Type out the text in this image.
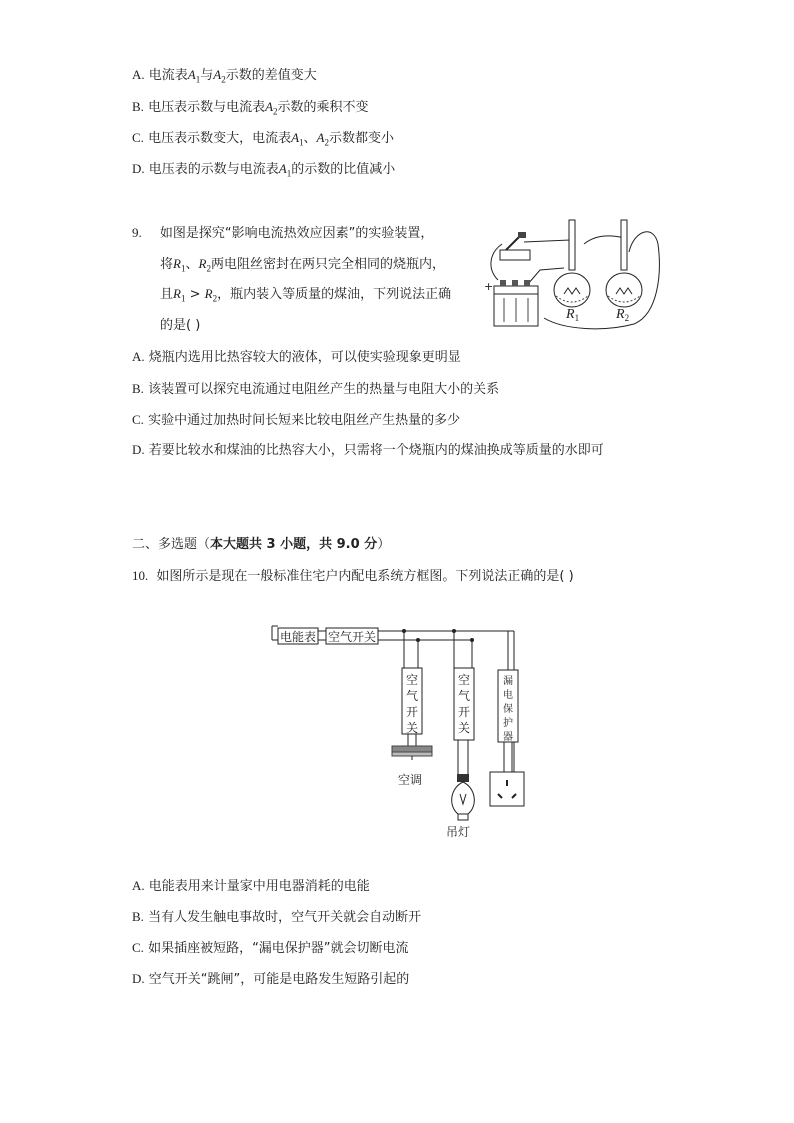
A. 电流表$A_1$与$A_2$示数的差值变大
B. 电压表示数与电流表$A_2$示数的乘积不变
C. 电压表示数变大，电流表$A_1$、$A_2$示数都变小
D. 电压表的示数与电流表$A_1$的示数的比值减小
9. 如图是探究“影响电流热效应因素”的实验装置，
将$R_1$、$R_2$两电阻丝密封在两只完全相同的烧瓶内，
且$R_1 > R_2$，瓶内装入等质量的煤油，下列说法正确
的是( )
+
$R_1$	$R_2$
A. 烧瓶内选用比热容较大的液体，可以使实验现象更明显
B. 该装置可以探究电流通过电阻丝产生的热量与电阻大小的关系
C. 实验中通过加热时间长短来比较电阻丝产生热量的多少
D. 若要比较水和煤油的比热容大小，只需将一个烧瓶内的煤油换成等质量的水即可
二、多选题（本大题共 3 小题，共 9.0 分）
10. 如图所示是现在一般标准住宅户内配电系统方框图。下列说法正确的是( )
电能表 空气开关
空
气
开
关
空
气
开
关
漏
电
保
护
器
空调
吊灯
A. 电能表用来计量家中用电器消耗的电能
B. 当有人发生触电事故时，空气开关就会自动断开
C. 如果插座被短路，“漏电保护器”就会切断电流
D. 空气开关“跳闸”，可能是电路发生短路引起的
